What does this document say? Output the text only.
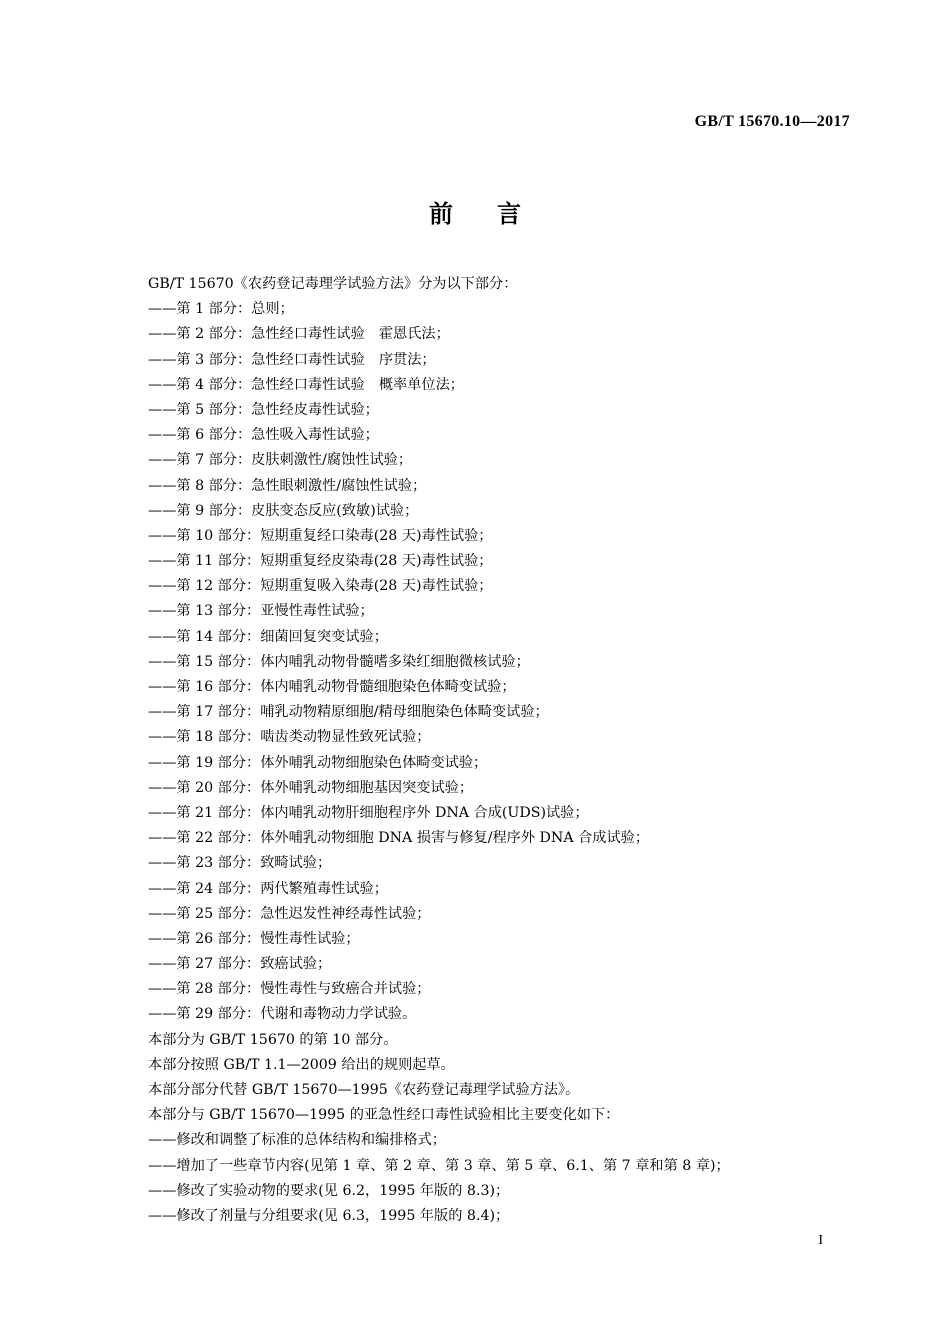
GB/T 15670.10—2017
前言
GB/T 15670《农药登记毒理学试验方法》分为以下部分：
——第 1 部分：总则；
——第 2 部分：急性经口毒性试验　霍恩氏法；
——第 3 部分：急性经口毒性试验　序贯法；
——第 4 部分：急性经口毒性试验　概率单位法；
——第 5 部分：急性经皮毒性试验；
——第 6 部分：急性吸入毒性试验；
——第 7 部分：皮肤刺激性/腐蚀性试验；
——第 8 部分：急性眼刺激性/腐蚀性试验；
——第 9 部分：皮肤变态反应(致敏)试验；
——第 10 部分：短期重复经口染毒(28 天)毒性试验；
——第 11 部分：短期重复经皮染毒(28 天)毒性试验；
——第 12 部分：短期重复吸入染毒(28 天)毒性试验；
——第 13 部分：亚慢性毒性试验；
——第 14 部分：细菌回复突变试验；
——第 15 部分：体内哺乳动物骨髓嗜多染红细胞微核试验；
——第 16 部分：体内哺乳动物骨髓细胞染色体畸变试验；
——第 17 部分：哺乳动物精原细胞/精母细胞染色体畸变试验；
——第 18 部分：啮齿类动物显性致死试验；
——第 19 部分：体外哺乳动物细胞染色体畸变试验；
——第 20 部分：体外哺乳动物细胞基因突变试验；
——第 21 部分：体内哺乳动物肝细胞程序外 DNA 合成(UDS)试验；
——第 22 部分：体外哺乳动物细胞 DNA 损害与修复/程序外 DNA 合成试验；
——第 23 部分：致畸试验；
——第 24 部分：两代繁殖毒性试验；
——第 25 部分：急性迟发性神经毒性试验；
——第 26 部分：慢性毒性试验；
——第 27 部分：致癌试验；
——第 28 部分：慢性毒性与致癌合并试验；
——第 29 部分：代谢和毒物动力学试验。
本部分为 GB/T 15670 的第 10 部分。
本部分按照 GB/T 1.1—2009 给出的规则起草。
本部分部分代替 GB/T 15670—1995《农药登记毒理学试验方法》。
本部分与 GB/T 15670—1995 的亚急性经口毒性试验相比主要变化如下：
——修改和调整了标准的总体结构和编排格式；
——增加了一些章节内容(见第 1 章、第 2 章、第 3 章、第 5 章、6.1、第 7 章和第 8 章)；
——修改了实验动物的要求(见 6.2，1995 年版的 8.3)；
——修改了剂量与分组要求(见 6.3，1995 年版的 8.4)；
I
